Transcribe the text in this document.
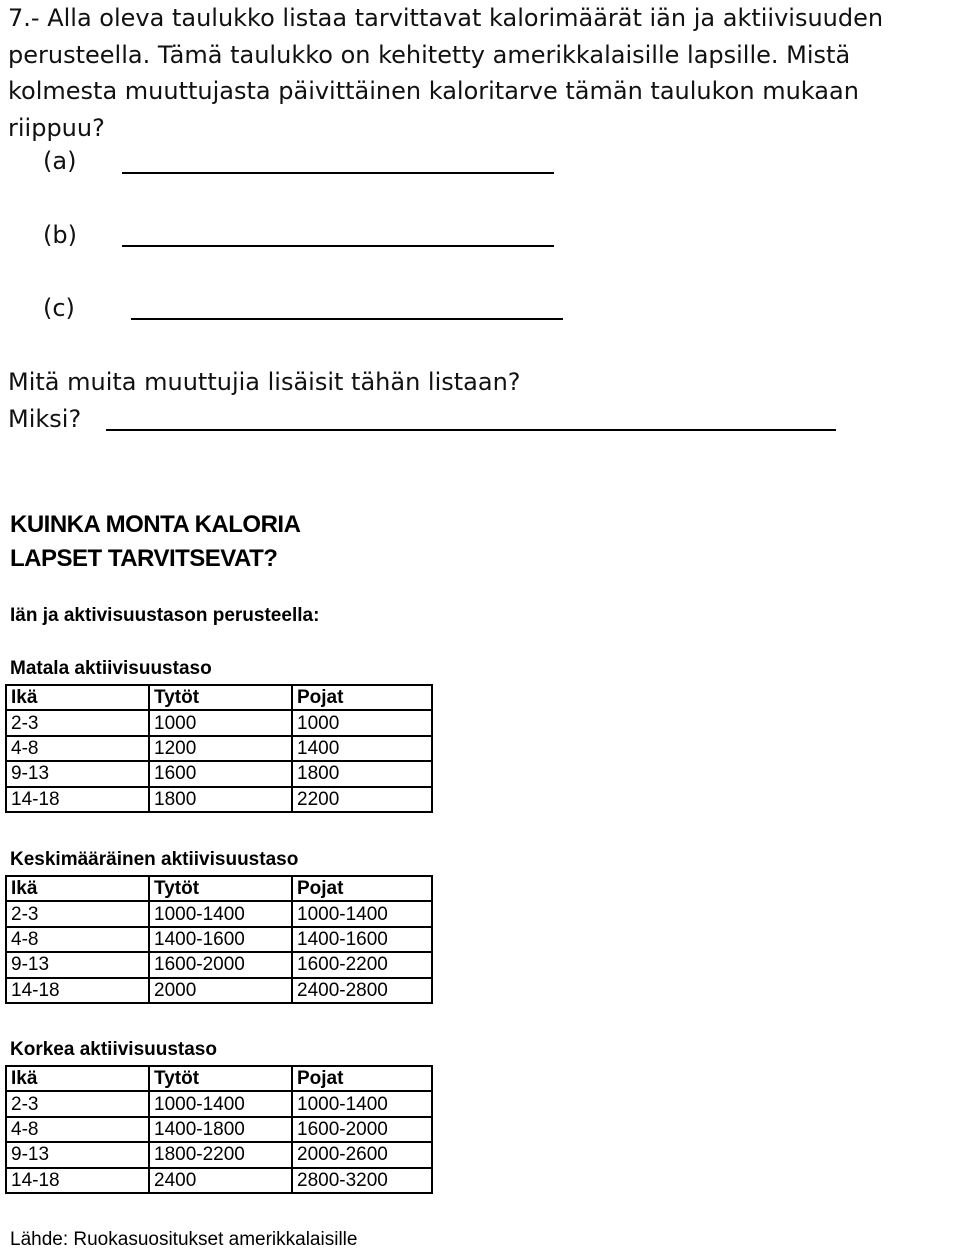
7.- Alla oleva taulukko listaa tarvittavat kalorimäärät iän ja aktiivisuuden perusteella. Tämä taulukko on kehitetty amerikkalaisille lapsille. Mistä kolmesta muuttujasta päivittäinen kaloritarve tämän taulukon mukaan riippuu?

(a)
(b)
(c)
Mitä muita muuttujia lisäisit tähän listaan?
Miksi?
KUINKA MONTA KALORIA
LAPSET TARVITSEVAT?
Iän ja aktivisuustason perusteella:
Matala aktiivisuustaso
Ikä	Tytöt	Pojat
2-3	1000	1000
4-8	1200	1400
9-13	1600	1800
14-18	1800	2200
Keskimääräinen aktiivisuustaso
Ikä	Tytöt	Pojat
2-3	1000-1400	1000-1400
4-8	1400-1600	1400-1600
9-13	1600-2000	1600-2200
14-18	2000	2400-2800
Korkea aktiivisuustaso
Ikä	Tytöt	Pojat
2-3	1000-1400	1000-1400
4-8	1400-1800	1600-2000
9-13	1800-2200	2000-2600
14-18	2400	2800-3200
Lähde: Ruokasuositukset amerikkalaisille
